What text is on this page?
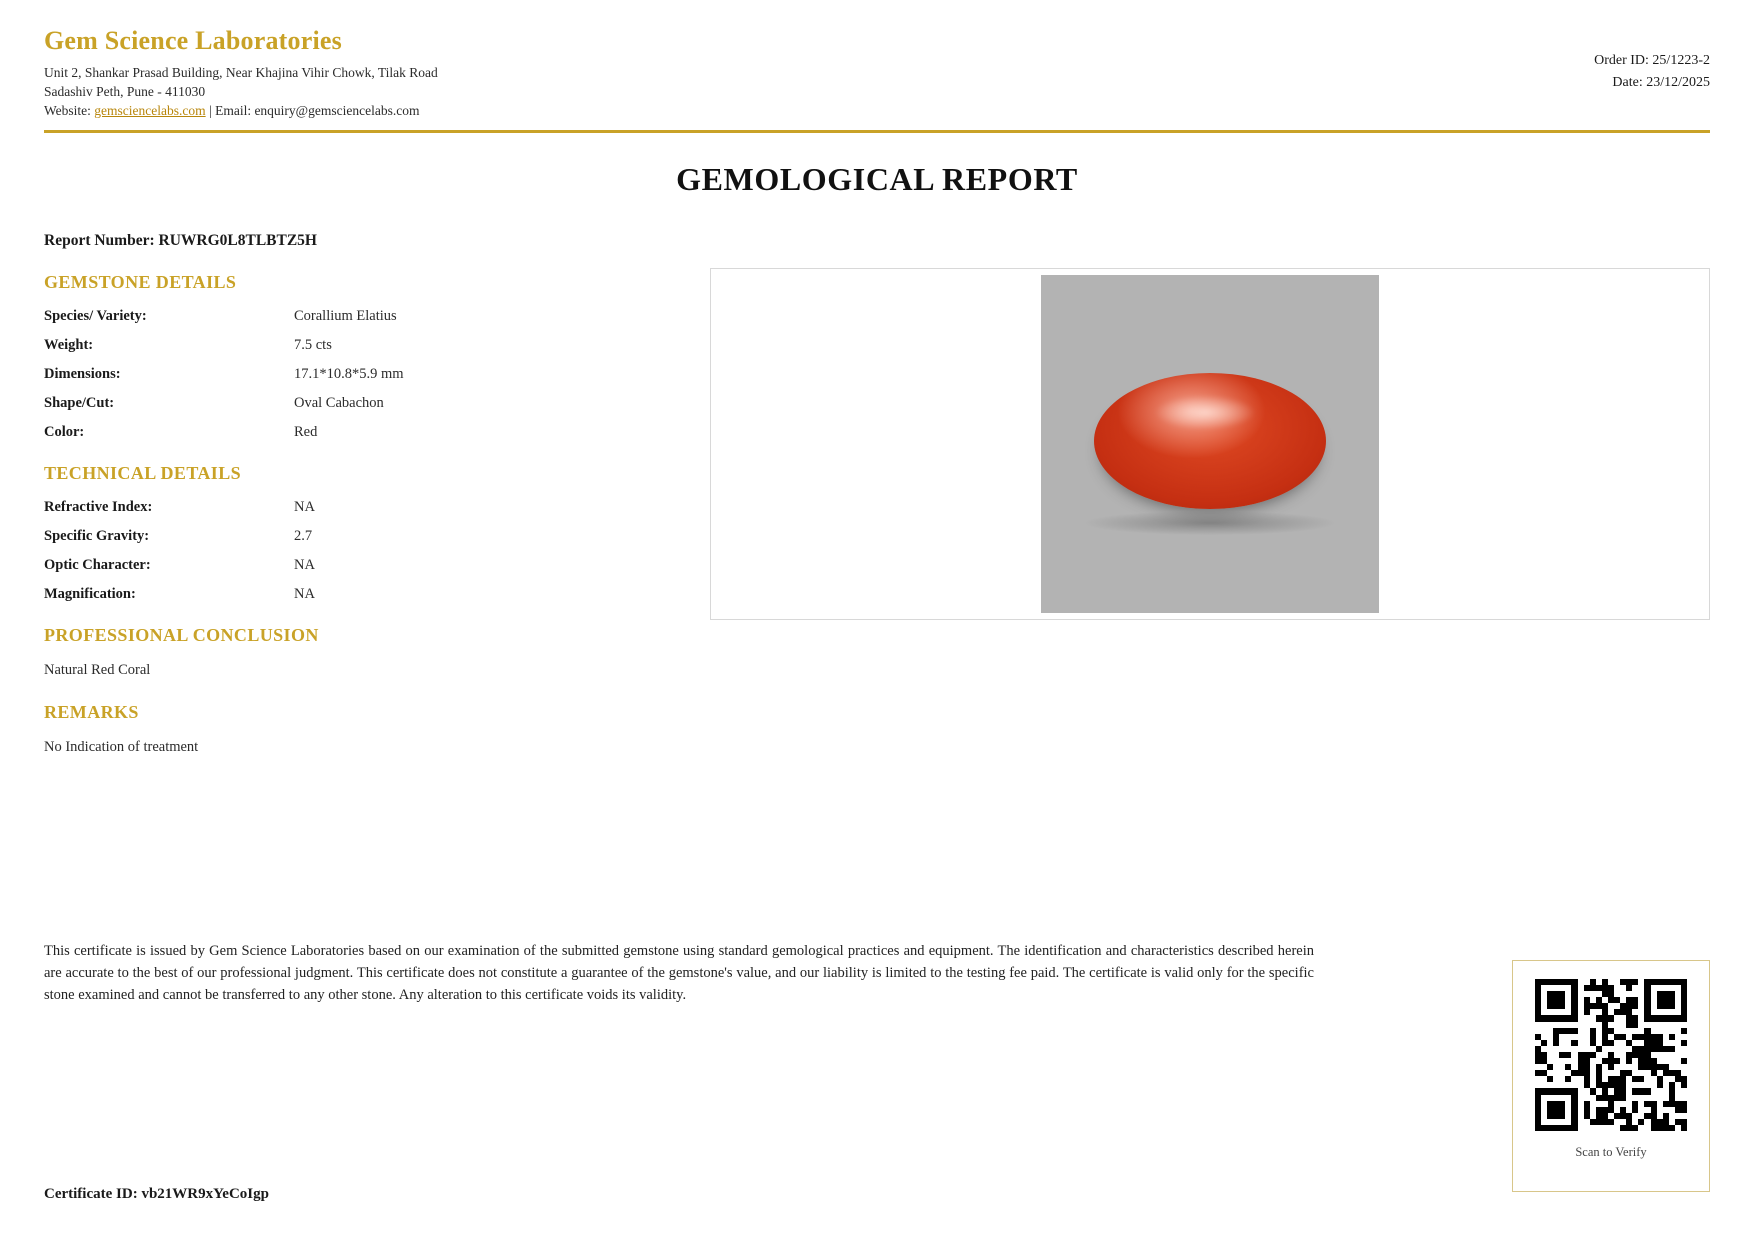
Gem Science Laboratories
Unit 2, Shankar Prasad Building, Near Khajina Vihir Chowk, Tilak Road
Sadashiv Peth, Pune - 411030
Website: gemsciencelabs.com | Email: enquiry@gemsciencelabs.com
Order ID: 25/1223-2
Date: 23/12/2025
GEMOLOGICAL REPORT
Report Number: RUWRG0L8TLBTZ5H
GEMSTONE DETAILS
Species/ Variety:	Corallium Elatius
Weight:	7.5 cts
Dimensions:	17.1*10.8*5.9 mm
Shape/Cut:	Oval Cabachon
Color:	Red
TECHNICAL DETAILS
Refractive Index:	NA
Specific Gravity:	2.7
Optic Character:	NA
Magnification:	NA
PROFESSIONAL CONCLUSION

Natural Red Coral

REMARKS

No Indication of treatment

This certificate is issued by Gem Science Laboratories based on our examination of the submitted gemstone using standard gemological practices and equipment. The identification and characteristics described herein are accurate to the best of our professional judgment. This certificate does not constitute a guarantee of the gemstone's value, and our liability is limited to the testing fee paid. The certificate is valid only for the specific stone examined and cannot be transferred to any other stone. Any alteration to this certificate voids its validity.

Certificate ID: vb21WR9xYeCoIgp
Scan to Verify
